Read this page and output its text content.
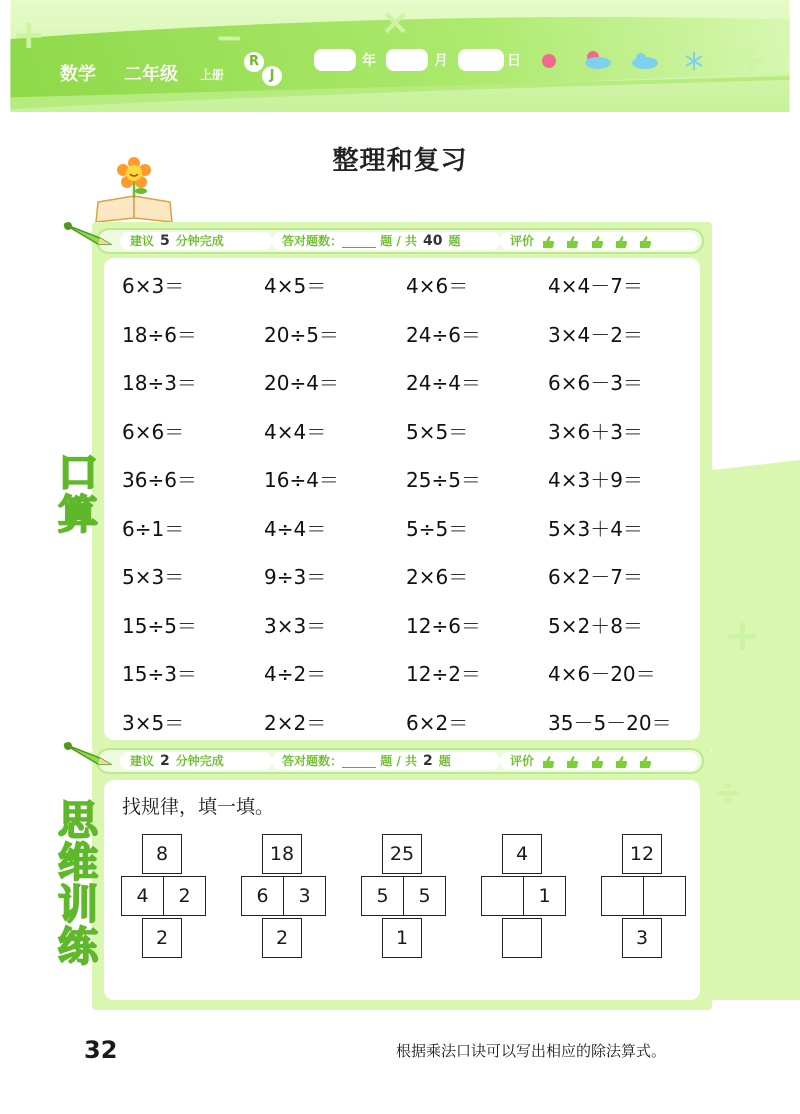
+	−	×
÷
数学 二年级 上册
R
J
年	月	日
整理和复习
建议 5 分钟完成	答对题数：	题 / 共 40 题	评价
6×3＝	4×5＝	4×6＝	4×4－7＝
18÷6＝	20÷5＝	24÷6＝	3×4－2＝
18÷3＝	20÷4＝	24÷4＝	6×6－3＝
6×6＝	4×4＝	5×5＝	3×6＋3＝
36÷6＝	16÷4＝	25÷5＝	4×3＋9＝
6÷1＝	4÷4＝	5÷5＝	5×3＋4＝
5×3＝	9÷3＝	2×6＝	6×2－7＝
15÷5＝	3×3＝	12÷6＝	5×2＋8＝
15÷3＝	4÷2＝	12÷2＝	4×6－20＝
3×5＝	2×2＝	6×2＝	35－5－20＝
口
算
建议 2 分钟完成	答对题数：	题 / 共 2 题	评价
找规律，填一填。
8
4	2
2
18
6	3
2
25
5	5
1
4
1
12
3
思
维
训
练
+
÷
32	根据乘法口诀可以写出相应的除法算式。
